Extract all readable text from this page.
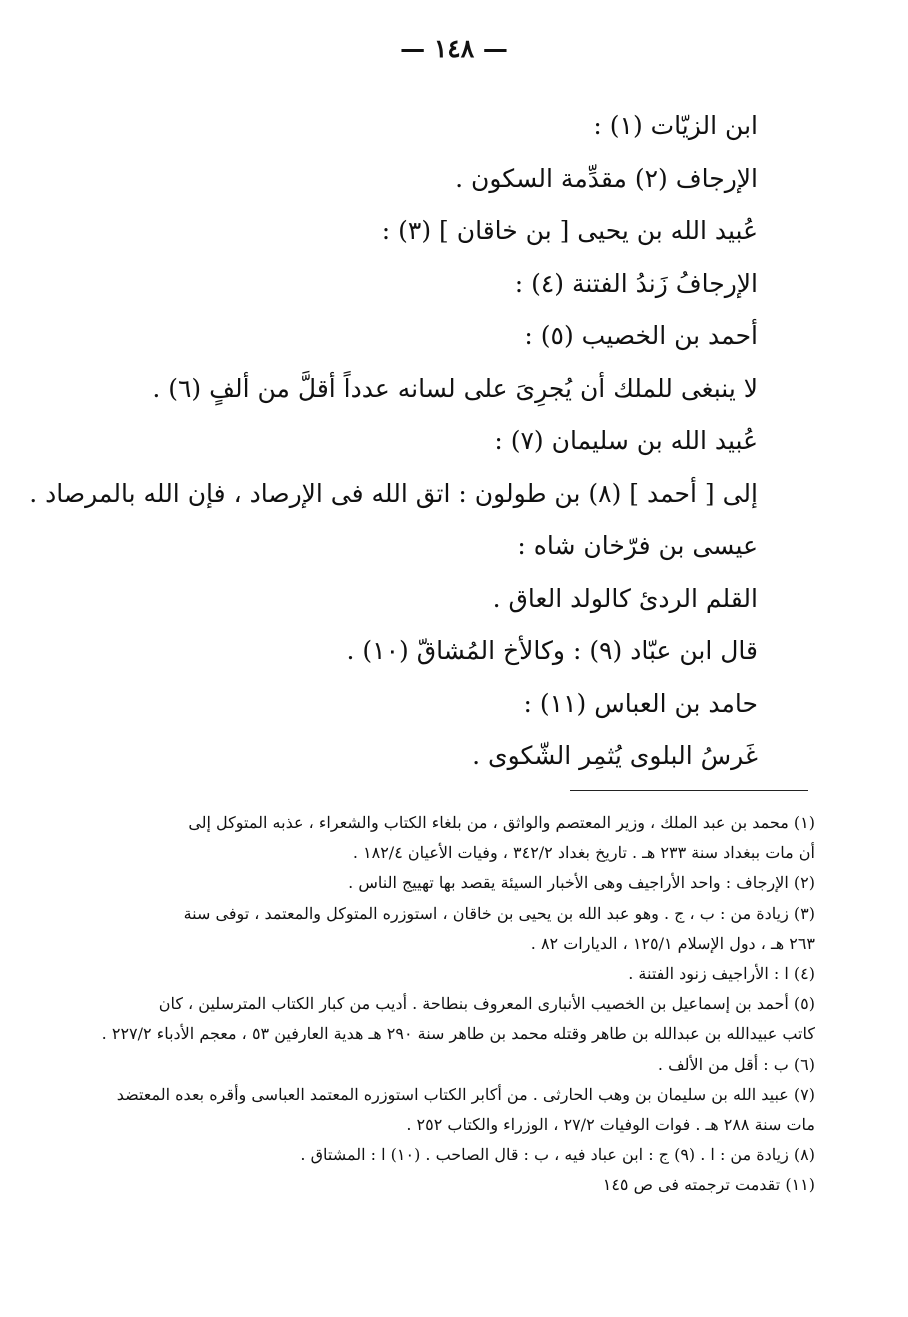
— ١٤٨ —
ابن الزيّات (١) :
الإرجاف (٢) مقدِّمة السكون .
عُبيد الله بن يحيى [ بن خاقان ] (٣) :
الإرجافُ زَندُ الفتنة (٤) :
أحمد بن الخصيب (٥) :
لا ينبغى للملك أن يُجرِىَ على لسانه عدداً أقلَّ من ألفٍ (٦) .
عُبيد الله بن سليمان (٧) :
إلى [ أحمد ] (٨) بن طولون : اتق الله فى الإرصاد ، فإن الله بالمرصاد .
عيسى بن فرّخان شاه :
القلم الردئ كالولد العاق .
قال ابن عبّاد (٩) : وكالأخ المُشاقّ (١٠) .
حامد بن العباس (١١) :
غَرسُ البلوى يُثمِر الشّكوى .
(١) محمد بن عبد الملك ، وزير المعتصم والواثق ، من بلغاء الكتاب والشعراء ، عذبه المتوكل إلى
أن مات ببغداد سنة ٢٣٣ هـ . تاريخ بغداد ٣٤٢/٢ ، وفيات الأعيان ١٨٢/٤ .
(٢) الإرجاف : واحد الأراجيف وهى الأخبار السيئة يقصد بها تهييج الناس .
(٣) زيادة من : ب ، ج . وهو عبد الله بن يحيى بن خاقان ، استوزره المتوكل والمعتمد ، توفى سنة
٢٦٣ هـ ، دول الإسلام ١٢٥/١ ، الديارات ٨٢ .
(٤) ا : الأراجيف زنود الفتنة .
(٥) أحمد بن إسماعيل بن الخصيب الأنبارى المعروف بنطاحة . أديب من كبار الكتاب المترسلين ، كان
كاتب عبيدالله بن عبدالله بن طاهر وقتله محمد بن طاهر سنة ٢٩٠ هـ هدية العارفين ٥٣ ، معجم الأدباء ٢٢٧/٢ .
(٦) ب : أقل من الألف .
(٧) عبيد الله بن سليمان بن وهب الحارثى . من أكابر الكتاب استوزره المعتمد العباسى وأقره بعده المعتضد
مات سنة ٢٨٨ هـ . فوات الوفيات ٢٧/٢ ، الوزراء والكتاب ٢٥٢ .
(٨) زيادة من : ا . (٩) ج : ابن عباد فيه ، ب : قال الصاحب . (١٠) ا : المشتاق .
(١١) تقدمت ترجمته فى ص ١٤٥
